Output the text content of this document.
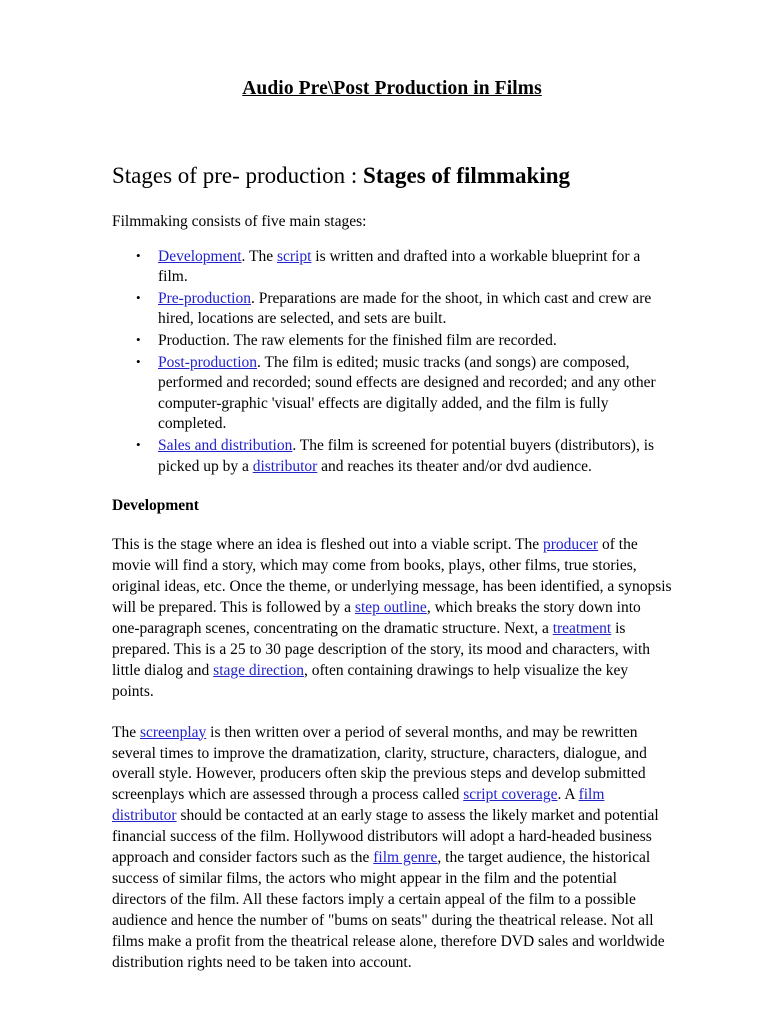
Audio Pre\Post Production in Films
Stages of pre- production : Stages of filmmaking

Filmmaking consists of five main stages:

• Development. The script is written and drafted into a workable blueprint for a film.
• Pre-production. Preparations are made for the shoot, in which cast and crew are hired, locations are selected, and sets are built.
• Production. The raw elements for the finished film are recorded.
• Post-production. The film is edited; music tracks (and songs) are composed, performed and recorded; sound effects are designed and recorded; and any other computer-graphic 'visual' effects are digitally added, and the film is fully completed.
• Sales and distribution. The film is screened for potential buyers (distributors), is picked up by a distributor and reaches its theater and/or dvd audience.

Development

This is the stage where an idea is fleshed out into a viable script. The producer of the movie will find a story, which may come from books, plays, other films, true stories, original ideas, etc. Once the theme, or underlying message, has been identified, a synopsis will be prepared. This is followed by a step outline, which breaks the story down into one-paragraph scenes, concentrating on the dramatic structure. Next, a treatment is prepared. This is a 25 to 30 page description of the story, its mood and characters, with little dialog and stage direction, often containing drawings to help visualize the key points.

The screenplay is then written over a period of several months, and may be rewritten several times to improve the dramatization, clarity, structure, characters, dialogue, and overall style. However, producers often skip the previous steps and develop submitted screenplays which are assessed through a process called script coverage. A film distributor should be contacted at an early stage to assess the likely market and potential financial success of the film. Hollywood distributors will adopt a hard-headed business approach and consider factors such as the film genre, the target audience, the historical success of similar films, the actors who might appear in the film and the potential directors of the film. All these factors imply a certain appeal of the film to a possible audience and hence the number of "bums on seats" during the theatrical release. Not all films make a profit from the theatrical release alone, therefore DVD sales and worldwide distribution rights need to be taken into account.
